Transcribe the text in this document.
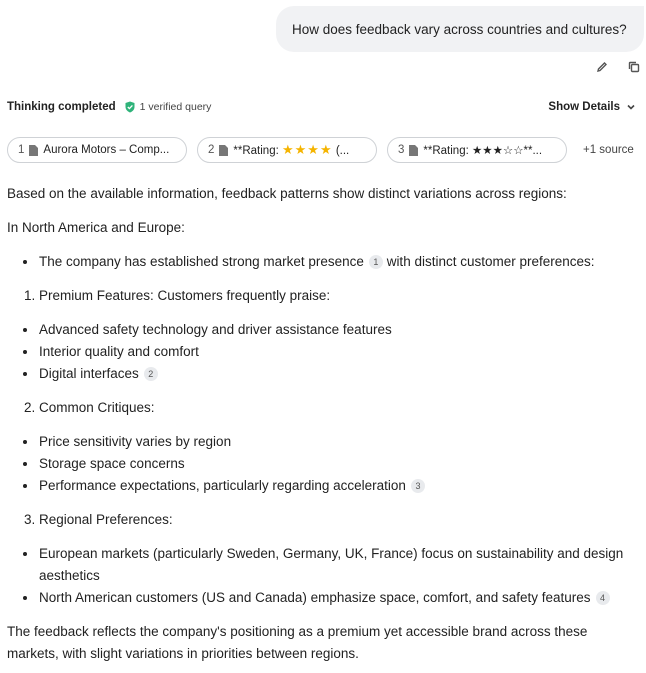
How does feedback vary across countries and cultures?
Thinking completed 1 verified query	Show Details
1 Aurora Motors – Comp...	2 **Rating: ★★★★ (...	3 **Rating: ★★★☆☆**...	+1 source

Based on the available information, feedback patterns show distinct variations across regions:

In North America and Europe:

The company has established strong market presence 1 with distinct customer preferences:

1. Premium Features: Customers frequently praise:

Advanced safety technology and driver assistance features
Interior quality and comfort
Digital interfaces 2

2. Common Critiques:

Price sensitivity varies by region
Storage space concerns
Performance expectations, particularly regarding acceleration 3

3. Regional Preferences:

European markets (particularly Sweden, Germany, UK, France) focus on sustainability and design aesthetics
North American customers (US and Canada) emphasize space, comfort, and safety features 4

The feedback reflects the company's positioning as a premium yet accessible brand across these markets, with slight variations in priorities between regions.
